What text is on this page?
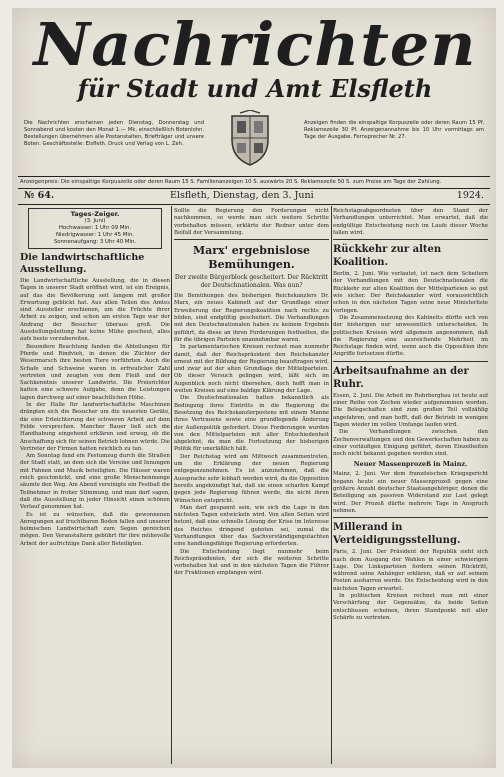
Nachrichten
für Stadt und Amt Elsfleth
Die Nachrichten erscheinen jeden Dienstag, Donnerstag und Sonnabend und kosten den Monat 1.— Mk. einschließlich Botenlohn. Bestellungen übernehmen alle Postanstalten, Briefträger und unsere Boten. Geschäftsstelle: Elsfleth. Druck und Verlag von L. Zeh.
Anzeigen finden die einspaltige Korpuszeile oder deren Raum 15 Pf. Reklamezeile 30 Pf. Anzeigenannahme bis 10 Uhr vormittags am Tage der Ausgabe. Fernsprecher Nr. 27.
Anzeigenpreis: Die einspaltige Korpuszeile oder deren Raum 15 S. Familienanzeigen 10 S. auswärts 20 S. Reklamezeile 50 S. zum Preise am Tage der Zahlung.
№ 64.	Elsfleth, Dienstag, den 3. Juni	1924.
Tages-Zeiger.
(3. Juni)
Hochwasser: 1 Uhr 09 Min.
Niedrigwasser: 1 Uhr 45 Min.
Sonnenaufgang: 3 Uhr 40 Min.
Die landwirtschaftliche Ausstellung.

Die Landwirtschaftliche Ausstellung, die in diesen Tagen in unserer Stadt eröffnet wird, ist ein Ereignis, auf das die Bevölkerung seit langem mit großer Erwartung geblickt hat. Aus allen Teilen des Amtes sind Aussteller erschienen, um die Früchte ihrer Arbeit zu zeigen, und schon am ersten Tage war der Andrang der Besucher überaus groß. Die Ausstellungsleitung hat keine Mühe gescheut, alles aufs beste vorzubereiten.

Besondere Beachtung fanden die Abteilungen für Pferde und Rindvieh, in denen die Züchter der Wesermarsch ihre besten Tiere vorführten. Auch die Schafe und Schweine waren in erfreulicher Zahl vertreten und zeugten von dem Fleiß und der Sachkenntnis unserer Landwirte. Die Preisrichter hatten eine schwere Aufgabe, denn die Leistungen lagen durchweg auf einer beachtlichen Höhe.

In der Halle für landwirtschaftliche Maschinen drängten sich die Besucher um die neuesten Geräte, die eine Erleichterung der schweren Arbeit auf dem Felde versprechen. Mancher Bauer ließ sich die Handhabung eingehend erklären und erwog, ob die Anschaffung sich für seinen Betrieb lohnen würde. Die Vertreter der Firmen hatten reichlich zu tun.

Am Sonntag fand ein Festumzug durch die Straßen der Stadt statt, an dem sich die Vereine und Innungen mit Fahnen und Musik beteiligten. Die Häuser waren reich geschmückt, und eine große Menschenmenge säumte den Weg. Am Abend vereinigte ein Festball die Teilnehmer in froher Stimmung, und man darf sagen, daß die Ausstellung in jeder Hinsicht einen schönen Verlauf genommen hat.

Es ist zu wünschen, daß die gewonnenen Anregungen auf fruchtbaren Boden fallen und unserer heimischen Landwirtschaft zum Segen gereichen mögen. Den Veranstaltern gebührt für ihre mühevolle Arbeit der aufrichtige Dank aller Beteiligten.

Sollte die Regierung den Forderungen nicht nachkommen, so werde man sich weitere Schritte vorbehalten müssen, erklärte der Redner unter dem Beifall der Versammlung.
Marx' ergebnislose Bemühungen.
Der zweite Bürgerblock gescheitert. Der Rücktritt der Deutschnationalen. Was nun?

Die Bemühungen des bisherigen Reichskanzlers Dr. Marx, ein neues Kabinett auf der Grundlage einer Erweiterung der Regierungskoalition nach rechts zu bilden, sind endgültig gescheitert. Die Verhandlungen mit den Deutschnationalen haben zu keinem Ergebnis geführt, da diese an ihren Forderungen festhielten, die für die übrigen Parteien unannehmbar waren.

In parlamentarischen Kreisen rechnet man nunmehr damit, daß der Reichspräsident den Reichskanzler erneut mit der Bildung der Regierung beauftragen wird, und zwar auf der alten Grundlage der Mittelparteien. Ob dieser Versuch gelingen wird, läßt sich im Augenblick noch nicht übersehen, doch hofft man in weiten Kreisen auf eine baldige Klärung der Lage.

Die Deutschnationalen hatten bekanntlich als Bedingung ihres Eintritts in die Regierung die Besetzung des Reichskanzlerpostens mit einem Manne ihres Vertrauens sowie eine grundlegende Änderung der Außenpolitik gefordert. Diese Forderungen wurden von den Mittelparteien mit aller Entschiedenheit abgelehnt, da man die Fortsetzung der bisherigen Politik für unerläßlich hält.

Der Reichstag wird am Mittwoch zusammentreten, um die Erklärung der neuen Regierung entgegenzunehmen. Es ist anzunehmen, daß die Aussprache sehr lebhaft werden wird, da die Opposition bereits angekündigt hat, daß sie einen scharfen Kampf gegen jede Regierung führen werde, die nicht ihren Wünschen entspricht.

Man darf gespannt sein, wie sich die Lage in den nächsten Tagen entwickeln wird. Von allen Seiten wird betont, daß eine schnelle Lösung der Krise im Interesse des Reiches dringend geboten sei, zumal die Verhandlungen über das Sachverständigengutachten eine handlungsfähige Regierung erforderten.

Die Entscheidung liegt nunmehr beim Reichspräsidenten, der sich die weiteren Schritte vorbehalten hat und in den nächsten Tagen die Führer der Fraktionen empfangen wird.

Reichstagsabgeordneten über den Stand der Verhandlungen unterrichtet. Man erwartet, daß die endgültige Entscheidung noch im Laufe dieser Woche fallen wird.
Rückkehr zur alten Koalition.

Berlin, 2. Juni. Wie verlautet, ist nach dem Scheitern der Verhandlungen mit den Deutschnationalen die Rückkehr zur alten Koalition der Mittelparteien so gut wie sicher. Der Reichskanzler wird voraussichtlich schon in den nächsten Tagen seine neue Ministerliste vorlegen.

Die Zusammensetzung des Kabinetts dürfte sich von der bisherigen nur unwesentlich unterscheiden. In politischen Kreisen wird allgemein angenommen, daß die Regierung eine ausreichende Mehrheit im Reichstage finden wird, wenn auch die Opposition ihre Angriffe fortsetzen dürfte.

Arbeitsaufnahme an der Ruhr.

Essen, 2. Juni. Die Arbeit im Ruhrbergbau ist heute auf einer Reihe von Zechen wieder aufgenommen worden. Die Belegschaften sind zum großen Teil vollzählig angefahren, und man hofft, daß der Betrieb in wenigen Tagen wieder im vollen Umfange laufen wird.

Die Verhandlungen zwischen den Zechenverwaltungen und den Gewerkschaften haben zu einer vorläufigen Einigung geführt, deren Einzelheiten noch nicht bekannt gegeben worden sind.

Neuer Massenprozeß in Mainz.

Mainz, 2. Juni. Vor dem französischen Kriegsgericht begann heute ein neuer Massenprozeß gegen eine größere Anzahl deutscher Staatsangehöriger, denen die Beteiligung am passiven Widerstand zur Last gelegt wird. Der Prozeß dürfte mehrere Tage in Anspruch nehmen.

Millerand in Verteidigungsstellung.

Paris, 2. Juni. Der Präsident der Republik sieht sich nach dem Ausgang der Wahlen in einer schwierigen Lage. Die Linksparteien fordern seinen Rücktritt, während seine Anhänger erklären, daß er auf seinem Posten ausharren werde. Die Entscheidung wird in den nächsten Tagen erwartet.

In politischen Kreisen rechnet man mit einer Verschärfung der Gegensätze, da beide Seiten entschlossen scheinen, ihren Standpunkt mit aller Schärfe zu vertreten.
